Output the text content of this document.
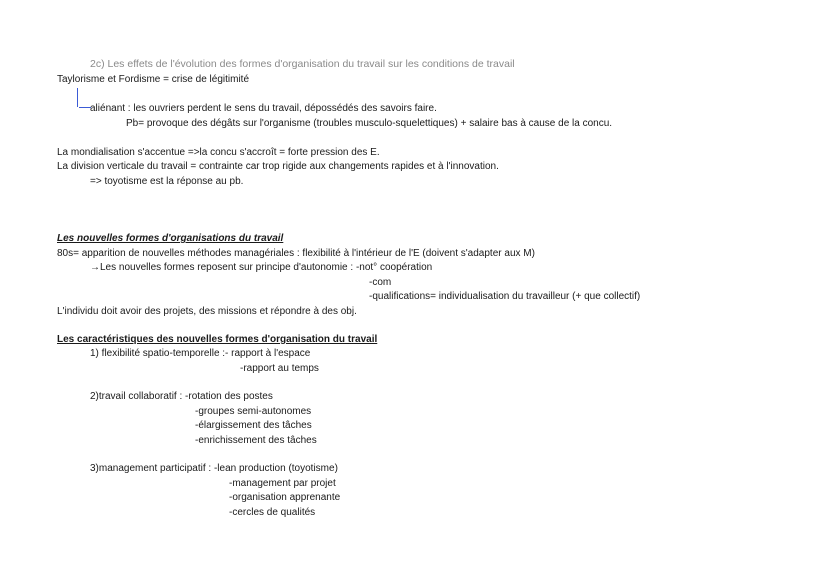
2c) Les effets de l'évolution des formes d'organisation du travail sur les conditions de travail
Taylorisme et Fordisme = crise de légitimité
aliénant : les ouvriers perdent le sens du travail, dépossédés des savoirs faire.
Pb= provoque des dégâts sur l'organisme (troubles musculo-squelettiques) + salaire bas à cause de la concu.
La mondialisation s'accentue =>la concu s'accroît = forte pression des E.
La division verticale du travail = contrainte car trop rigide aux changements rapides et à l'innovation.
=> toyotisme est la réponse au pb.
Les nouvelles formes d'organisations du travail
80s= apparition de nouvelles méthodes managériales : flexibilité à l'intérieur de l'E (doivent s'adapter aux M)
→Les nouvelles formes reposent sur principe d'autonomie : -not° coopération
-com
-qualifications= individualisation du travailleur (+ que collectif)
L'individu doit avoir des projets, des missions et répondre à des obj.
Les caractéristiques des nouvelles formes d'organisation du travail
1) flexibilité spatio-temporelle :- rapport à l'espace
-rapport au temps
2)travail collaboratif : -rotation des postes
-groupes semi-autonomes
-élargissement des tâches
-enrichissement des tâches
3)management participatif : -lean production (toyotisme)
-management par projet
-organisation apprenante
-cercles de qualités
